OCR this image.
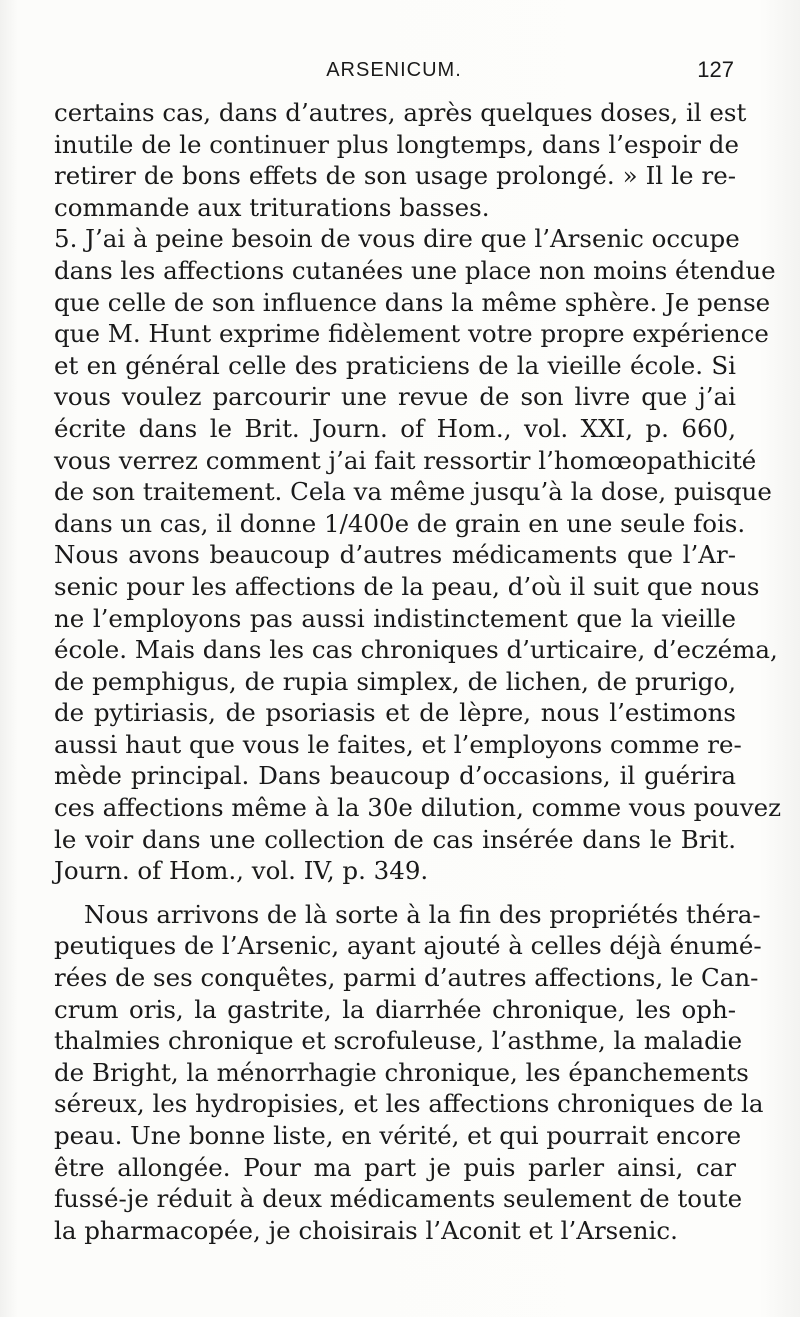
ARSENICUM.	127
certains cas, dans d’autres, après quelques doses, il est
inutile de le continuer plus longtemps, dans l’espoir de
retirer de bons effets de son usage prolongé. » Il le re-
commande aux triturations basses.
5. J’ai à peine besoin de vous dire que l’Arsenic occupe
dans les affections cutanées une place non moins étendue
que celle de son influence dans la même sphère. Je pense
que M. Hunt exprime fidèlement votre propre expérience
et en général celle des praticiens de la vieille école. Si
vous voulez parcourir une revue de son livre que j’ai
écrite dans le Brit. Journ. of Hom., vol. XXI, p. 660,
vous verrez comment j’ai fait ressortir l’homœopathicité
de son traitement. Cela va même jusqu’à la dose, puisque
dans un cas, il donne 1/400e de grain en une seule fois.
Nous avons beaucoup d’autres médicaments que l’Ar-
senic pour les affections de la peau, d’où il suit que nous
ne l’employons pas aussi indistinctement que la vieille
école. Mais dans les cas chroniques d’urticaire, d’eczéma,
de pemphigus, de rupia simplex, de lichen, de prurigo,
de pytiriasis, de psoriasis et de lèpre, nous l’estimons
aussi haut que vous le faites, et l’employons comme re-
mède principal. Dans beaucoup d’occasions, il guérira
ces affections même à la 30e dilution, comme vous pouvez
le voir dans une collection de cas insérée dans le Brit.
Journ. of Hom., vol. IV, p. 349.
Nous arrivons de là sorte à la fin des propriétés théra-
peutiques de l’Arsenic, ayant ajouté à celles déjà énumé-
rées de ses conquêtes, parmi d’autres affections, le Can-
crum oris, la gastrite, la diarrhée chronique, les oph-
thalmies chronique et scrofuleuse, l’asthme, la maladie
de Bright, la ménorrhagie chronique, les épanchements
séreux, les hydropisies, et les affections chroniques de la
peau. Une bonne liste, en vérité, et qui pourrait encore
être allongée. Pour ma part je puis parler ainsi, car
fussé-je réduit à deux médicaments seulement de toute
la pharmacopée, je choisirais l’Aconit et l’Arsenic.
